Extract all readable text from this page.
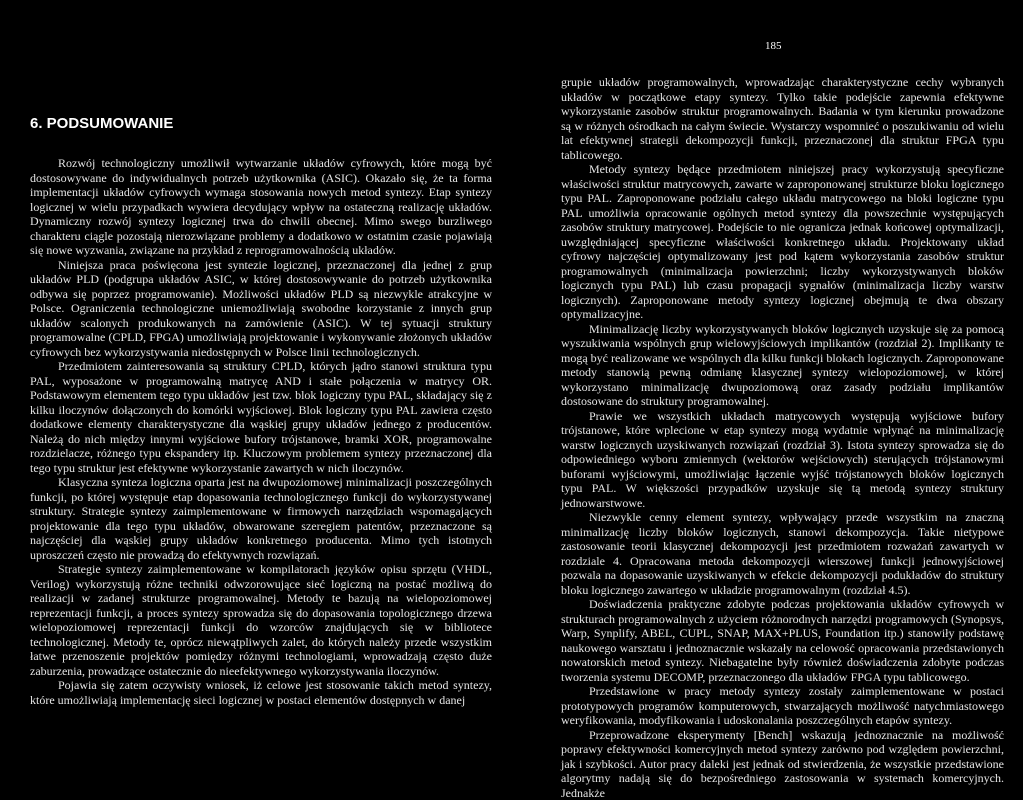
185
6. PODSUMOWANIE

Rozwój technologiczny umożliwił wytwarzanie układów cyfrowych, które mogą być dostosowywane do indywidualnych potrzeb użytkownika (ASIC). Okazało się, że ta forma implementacji układów cyfrowych wymaga stosowania nowych metod syntezy. Etap syntezy logicznej w wielu przypadkach wywiera decydujący wpływ na ostateczną realizację układów. Dynamiczny rozwój syntezy logicznej trwa do chwili obecnej. Mimo swego burzliwego charakteru ciągle pozostają nierozwiązane problemy a dodatkowo w ostatnim czasie pojawiają się nowe wyzwania, związane na przykład z reprogramowalnością układów.

Niniejsza praca poświęcona jest syntezie logicznej, przeznaczonej dla jednej z grup układów PLD (podgrupa układów ASIC, w której dostosowywanie do potrzeb użytkownika odbywa się poprzez programowanie). Możliwości układów PLD są niezwykle atrakcyjne w Polsce. Ograniczenia technologiczne uniemożliwiają swobodne korzystanie z innych grup układów scalonych produkowanych na zamówienie (ASIC). W tej sytuacji struktury programowalne (CPLD, FPGA) umożliwiają projektowanie i wykonywanie złożonych układów cyfrowych bez wykorzystywania niedostępnych w Polsce linii technologicznych.

Przedmiotem zainteresowania są struktury CPLD, których jądro stanowi struktura typu PAL, wyposażone w programowalną matrycę AND i stałe połączenia w matrycy OR. Podstawowym elementem tego typu układów jest tzw. blok logiczny typu PAL, składający się z kilku iloczynów dołączonych do komórki wyjściowej. Blok logiczny typu PAL zawiera często dodatkowe elementy charakterystyczne dla wąskiej grupy układów jednego z producentów. Należą do nich między innymi wyjściowe bufory trójstanowe, bramki XOR, programowalne rozdzielacze, różnego typu ekspandery itp. Kluczowym problemem syntezy przeznaczonej dla tego typu struktur jest efektywne wykorzystanie zawartych w nich iloczynów.

Klasyczna synteza logiczna oparta jest na dwupoziomowej minimalizacji poszczególnych funkcji, po której występuje etap dopasowania technologicznego funkcji do wykorzystywanej struktury. Strategie syntezy zaimplementowane w firmowych narzędziach wspomagających projektowanie dla tego typu układów, obwarowane szeregiem patentów, przeznaczone są najczęściej dla wąskiej grupy układów konkretnego producenta. Mimo tych istotnych uproszczeń często nie prowadzą do efektywnych rozwiązań.

Strategie syntezy zaimplementowane w kompilatorach języków opisu sprzętu (VHDL, Verilog) wykorzystują różne techniki odwzorowujące sieć logiczną na postać możliwą do realizacji w zadanej strukturze programowalnej. Metody te bazują na wielopoziomowej reprezentacji funkcji, a proces syntezy sprowadza się do dopasowania topologicznego drzewa wielopoziomowej reprezentacji funkcji do wzorców znajdujących się w bibliotece technologicznej. Metody te, oprócz niewątpliwych zalet, do których należy przede wszystkim łatwe przenoszenie projektów pomiędzy różnymi technologiami, wprowadzają często duże zaburzenia, prowadzące ostatecznie do nieefektywnego wykorzystywania iloczynów.

Pojawia się zatem oczywisty wniosek, iż celowe jest stosowanie takich metod syntezy, które umożliwiają implementację sieci logicznej w postaci elementów dostępnych w danej

grupie układów programowalnych, wprowadzając charakterystyczne cechy wybranych układów w początkowe etapy syntezy. Tylko takie podejście zapewnia efektywne wykorzystanie zasobów struktur programowalnych. Badania w tym kierunku prowadzone są w różnych ośrodkach na całym świecie. Wystarczy wspomnieć o poszukiwaniu od wielu lat efektywnej strategii dekompozycji funkcji, przeznaczonej dla struktur FPGA typu tablicowego.

Metody syntezy będące przedmiotem niniejszej pracy wykorzystują specyficzne właściwości struktur matrycowych, zawarte w zaproponowanej strukturze bloku logicznego typu PAL. Zaproponowane podziału całego układu matrycowego na bloki logiczne typu PAL umożliwia opracowanie ogólnych metod syntezy dla powszechnie występujących zasobów struktury matrycowej. Podejście to nie ogranicza jednak końcowej optymalizacji, uwzględniającej specyficzne właściwości konkretnego układu. Projektowany układ cyfrowy najczęściej optymalizowany jest pod kątem wykorzystania zasobów struktur programowalnych (minimalizacja powierzchni; liczby wykorzystywanych bloków logicznych typu PAL) lub czasu propagacji sygnałów (minimalizacja liczby warstw logicznych). Zaproponowane metody syntezy logicznej obejmują te dwa obszary optymalizacyjne.

Minimalizację liczby wykorzystywanych bloków logicznych uzyskuje się za pomocą wyszukiwania wspólnych grup wielowyjściowych implikantów (rozdział 2). Implikanty te mogą być realizowane we wspólnych dla kilku funkcji blokach logicznych. Zaproponowane metody stanowią pewną odmianę klasycznej syntezy wielopoziomowej, w której wykorzystano minimalizację dwupoziomową oraz zasady podziału implikantów dostosowane do struktury programowalnej.

Prawie we wszystkich układach matrycowych występują wyjściowe bufory trójstanowe, które wplecione w etap syntezy mogą wydatnie wpłynąć na minimalizację warstw logicznych uzyskiwanych rozwiązań (rozdział 3). Istota syntezy sprowadza się do odpowiedniego wyboru zmiennych (wektorów wejściowych) sterujących trójstanowymi buforami wyjściowymi, umożliwiając łączenie wyjść trójstanowych bloków logicznych typu PAL. W większości przypadków uzyskuje się tą metodą syntezy struktury jednowarstwowe.

Niezwykle cenny element syntezy, wpływający przede wszystkim na znaczną minimalizację liczby bloków logicznych, stanowi dekompozycja. Takie nietypowe zastosowanie teorii klasycznej dekompozycji jest przedmiotem rozważań zawartych w rozdziale 4. Opracowana metoda dekompozycji wierszowej funkcji jednowyjściowej pozwala na dopasowanie uzyskiwanych w efekcie dekompozycji podukładów do struktury bloku logicznego zawartego w układzie programowalnym (rozdział 4.5).

Doświadczenia praktyczne zdobyte podczas projektowania układów cyfrowych w strukturach programowalnych z użyciem różnorodnych narzędzi programowych (Synopsys, Warp, Synplify, ABEL, CUPL, SNAP, MAX+PLUS, Foundation itp.) stanowiły podstawę naukowego warsztatu i jednoznacznie wskazały na celowość opracowania przedstawionych nowatorskich metod syntezy. Niebagatelne były również doświadczenia zdobyte podczas tworzenia systemu DECOMP, przeznaczonego dla układów FPGA typu tablicowego.

Przedstawione w pracy metody syntezy zostały zaimplementowane w postaci prototypowych programów komputerowych, stwarzających możliwość natychmiastowego weryfikowania, modyfikowania i udoskonalania poszczególnych etapów syntezy.

Przeprowadzone eksperymenty [Bench] wskazują jednoznacznie na możliwość poprawy efektywności komercyjnych metod syntezy zarówno pod względem powierzchni, jak i szybkości. Autor pracy daleki jest jednak od stwierdzenia, że wszystkie przedstawione algorytmy nadają się do bezpośredniego zastosowania w systemach komercyjnych. Jednakże
